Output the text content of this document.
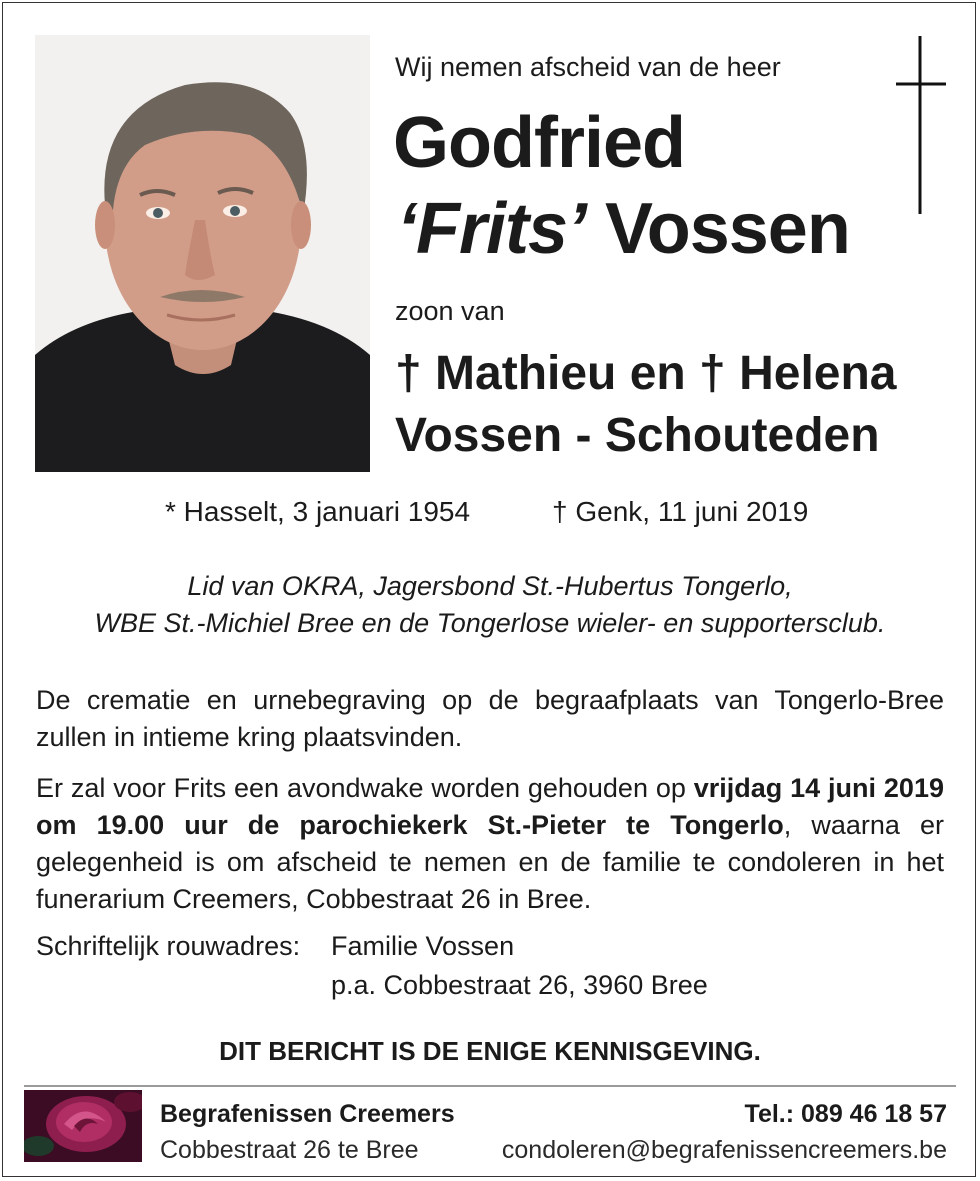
Wij nemen afscheid van de heer
Godfried
‘Frits’ Vossen
zoon van
† Mathieu en † Helena
Vossen - Schouteden
* Hasselt, 3 januari 1954	† Genk, 11 juni 2019
Lid van OKRA, Jagersbond St.-Hubertus Tongerlo,
WBE St.-Michiel Bree en de Tongerlose wieler- en supportersclub.
De crematie en urnebegraving op de begraafplaats van Tongerlo-Bree zullen in intieme kring plaatsvinden.
Er zal voor Frits een avondwake worden gehouden op vrijdag 14 juni 2019 om 19.00 uur de parochiekerk St.-Pieter te Tongerlo, waarna er gelegenheid is om afscheid te nemen en de familie te condoleren in het funerarium Creemers, Cobbestraat 26 in Bree.
Schriftelijk rouwadres: Familie Vossen
p.a. Cobbestraat 26, 3960 Bree
DIT BERICHT IS DE ENIGE KENNISGEVING.
Begrafenissen Creemers
Cobbestraat 26 te Bree
Tel.: 089 46 18 57
condoleren@begrafenissencreemers.be
